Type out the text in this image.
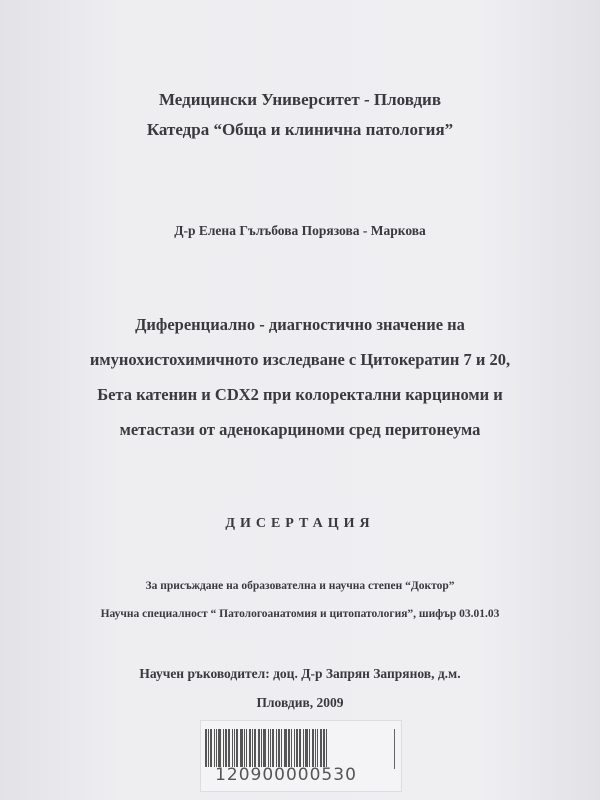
Медицински Университет - Пловдив
Катедра “Обща и клинична патология”
Д-р Елена Гълъбова Порязова - Маркова
Диференциално - диагностично значение на
имунохистохимичното изследване с Цитокератин 7 и 20,
Бета катенин и CDX2 при колоректални карциноми и
метастази от аденокарциноми сред перитонеума
ДИСЕРТАЦИЯ
За присъждане на образователна и научна степен “Доктор”
Научна специалност “ Патологоанатомия и цитопатология”, шифър 03.01.03
Научен ръководител: доц. Д-р Запрян Запрянов, д.м.
Пловдив, 2009
120900000530
